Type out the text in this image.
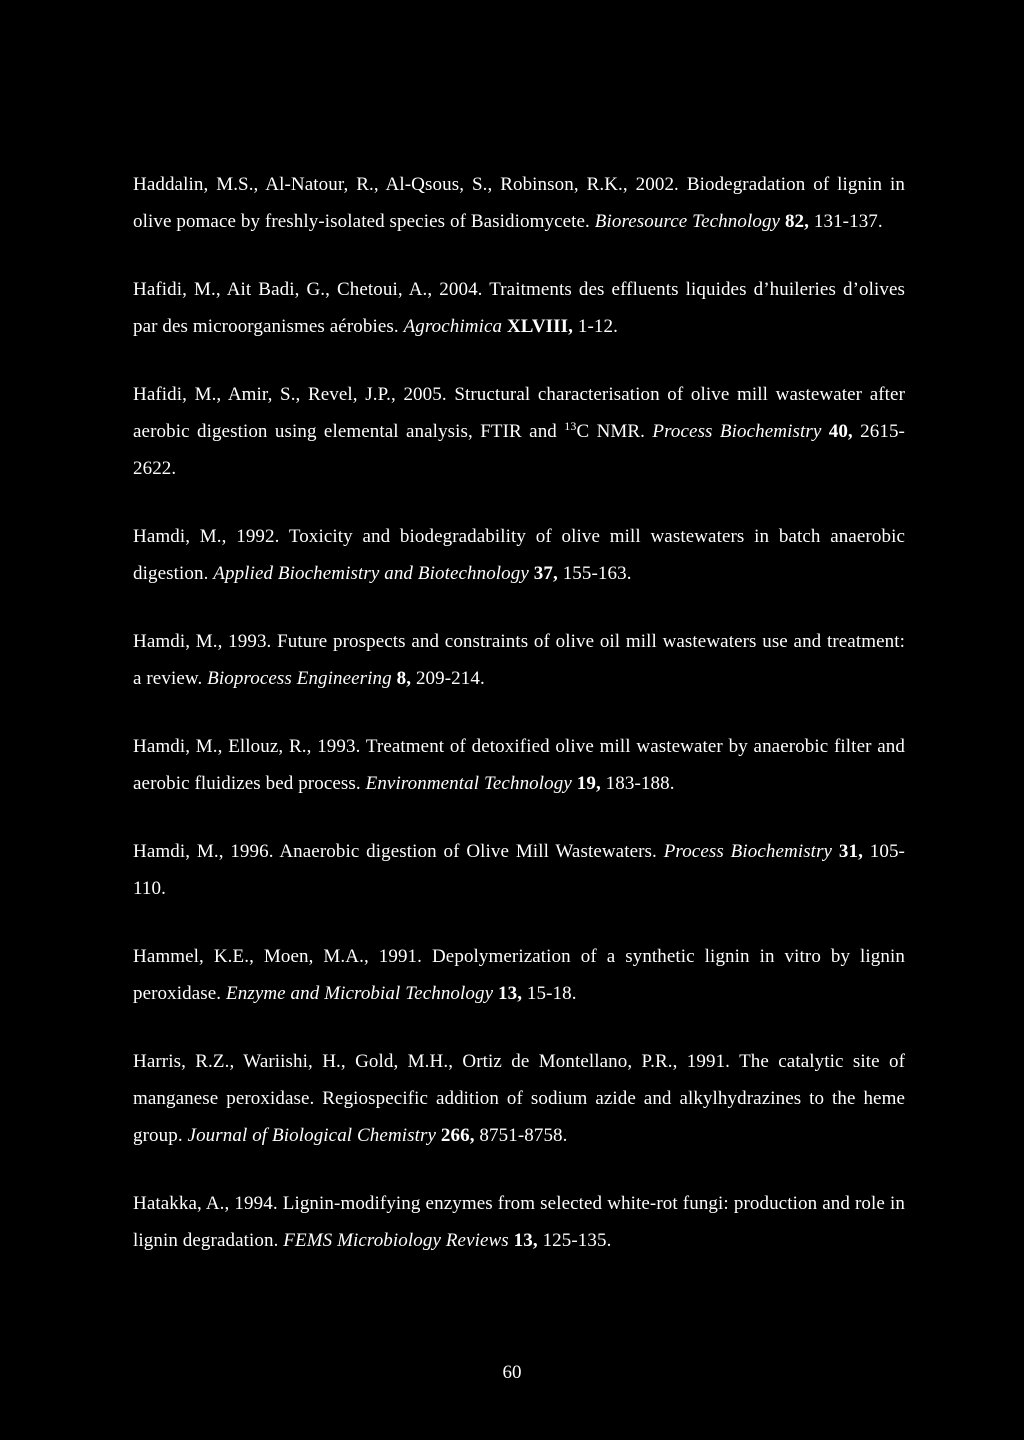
Haddalin, M.S., Al-Natour, R., Al-Qsous, S., Robinson, R.K., 2002. Biodegradation of lignin in olive pomace by freshly-isolated species of Basidiomycete. Bioresource Technology 82, 131-137.

Hafidi, M., Ait Badi, G., Chetoui, A., 2004. Traitments des effluents liquides d’huileries d’olives par des microorganismes aérobies. Agrochimica XLVIII, 1-12.

Hafidi, M., Amir, S., Revel, J.P., 2005. Structural characterisation of olive mill wastewater after aerobic digestion using elemental analysis, FTIR and $^{13}$C NMR. Process Biochemistry 40, 2615-2622.

Hamdi, M., 1992. Toxicity and biodegradability of olive mill wastewaters in batch anaerobic digestion. Applied Biochemistry and Biotechnology 37, 155-163.

Hamdi, M., 1993. Future prospects and constraints of olive oil mill wastewaters use and treatment: a review. Bioprocess Engineering 8, 209-214.

Hamdi, M., Ellouz, R., 1993. Treatment of detoxified olive mill wastewater by anaerobic filter and aerobic fluidizes bed process. Environmental Technology 19, 183-188.

Hamdi, M., 1996. Anaerobic digestion of Olive Mill Wastewaters. Process Biochemistry 31, 105-110.

Hammel, K.E., Moen, M.A., 1991. Depolymerization of a synthetic lignin in vitro by lignin peroxidase. Enzyme and Microbial Technology 13, 15-18.

Harris, R.Z., Wariishi, H., Gold, M.H., Ortiz de Montellano, P.R., 1991. The catalytic site of manganese peroxidase. Regiospecific addition of sodium azide and alkylhydrazines to the heme group. Journal of Biological Chemistry 266, 8751-8758.

Hatakka, A., 1994. Lignin-modifying enzymes from selected white-rot fungi: production and role in lignin degradation. FEMS Microbiology Reviews 13, 125-135.

60
